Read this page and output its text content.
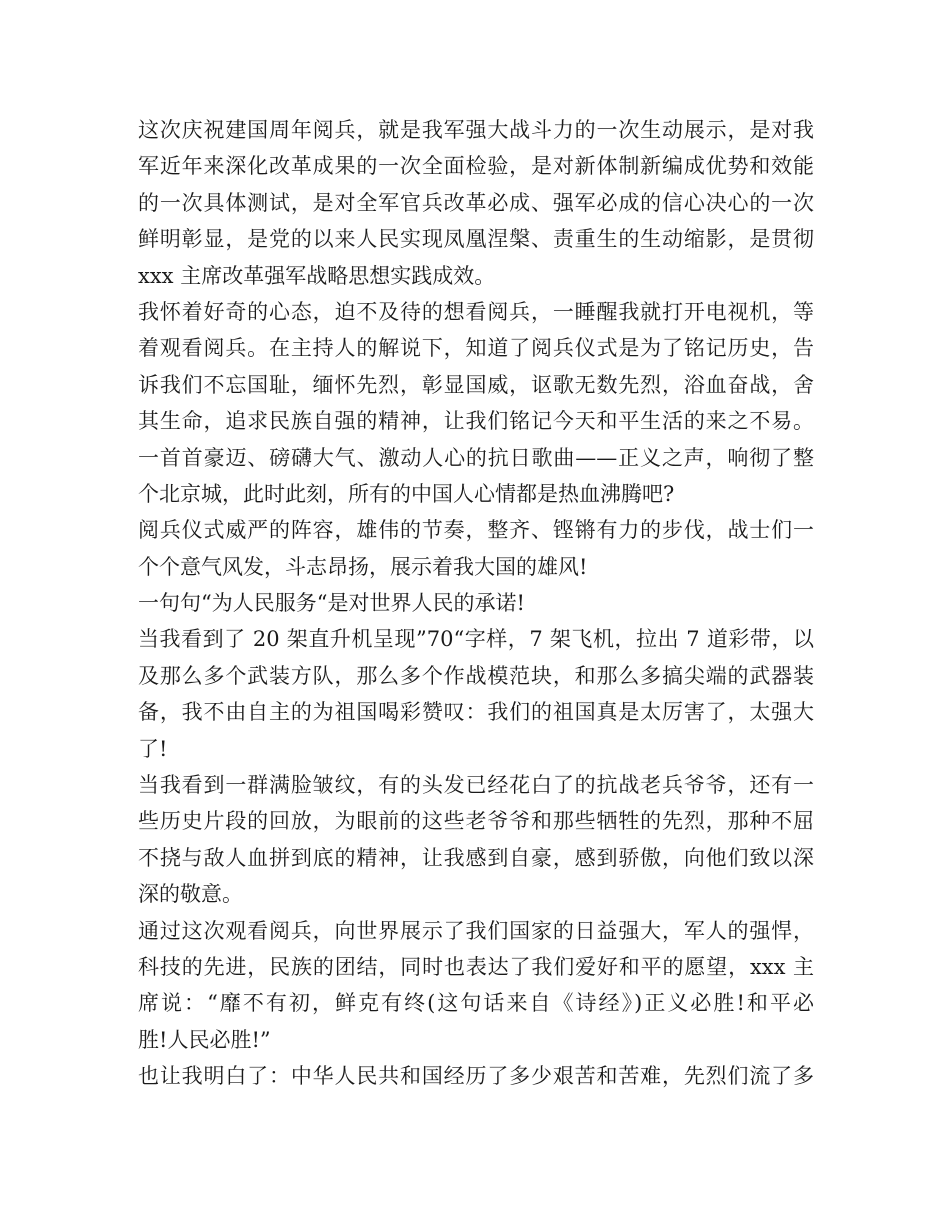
这次庆祝建国周年阅兵，就是我军强大战斗力的一次生动展示，是对我
军近年来深化改革成果的一次全面检验，是对新体制新编成优势和效能
的一次具体测试，是对全军官兵改革必成、强军必成的信心决心的一次
鲜明彰显，是党的以来人民实现凤凰涅槃、责重生的生动缩影，是贯彻
xxx 主席改革强军战略思想实践成效。
我怀着好奇的心态，迫不及待的想看阅兵，一睡醒我就打开电视机，等
着观看阅兵。在主持人的解说下，知道了阅兵仪式是为了铭记历史，告
诉我们不忘国耻，缅怀先烈，彰显国威，讴歌无数先烈，浴血奋战，舍
其生命，追求民族自强的精神，让我们铭记今天和平生活的来之不易。
一首首豪迈、磅礴大气、激动人心的抗日歌曲——正义之声，响彻了整
个北京城，此时此刻，所有的中国人心情都是热血沸腾吧?
阅兵仪式威严的阵容，雄伟的节奏，整齐、铿锵有力的步伐，战士们一
个个意气风发，斗志昂扬，展示着我大国的雄风!
一句句“为人民服务“是对世界人民的承诺!
当我看到了 20 架直升机呈现”70“字样，7 架飞机，拉出 7 道彩带，以
及那么多个武装方队，那么多个作战模范块，和那么多搞尖端的武器装
备，我不由自主的为祖国喝彩赞叹：我们的祖国真是太厉害了，太强大
了!
当我看到一群满脸皱纹，有的头发已经花白了的抗战老兵爷爷，还有一
些历史片段的回放，为眼前的这些老爷爷和那些牺牲的先烈，那种不屈
不挠与敌人血拼到底的精神，让我感到自豪，感到骄傲，向他们致以深
深的敬意。
通过这次观看阅兵，向世界展示了我们国家的日益强大，军人的强悍，
科技的先进，民族的团结，同时也表达了我们爱好和平的愿望，xxx 主
席说：“靡不有初，鲜克有终(这句话来自《诗经》)正义必胜!和平必
胜!人民必胜!”
也让我明白了：中华人民共和国经历了多少艰苦和苦难，先烈们流了多
